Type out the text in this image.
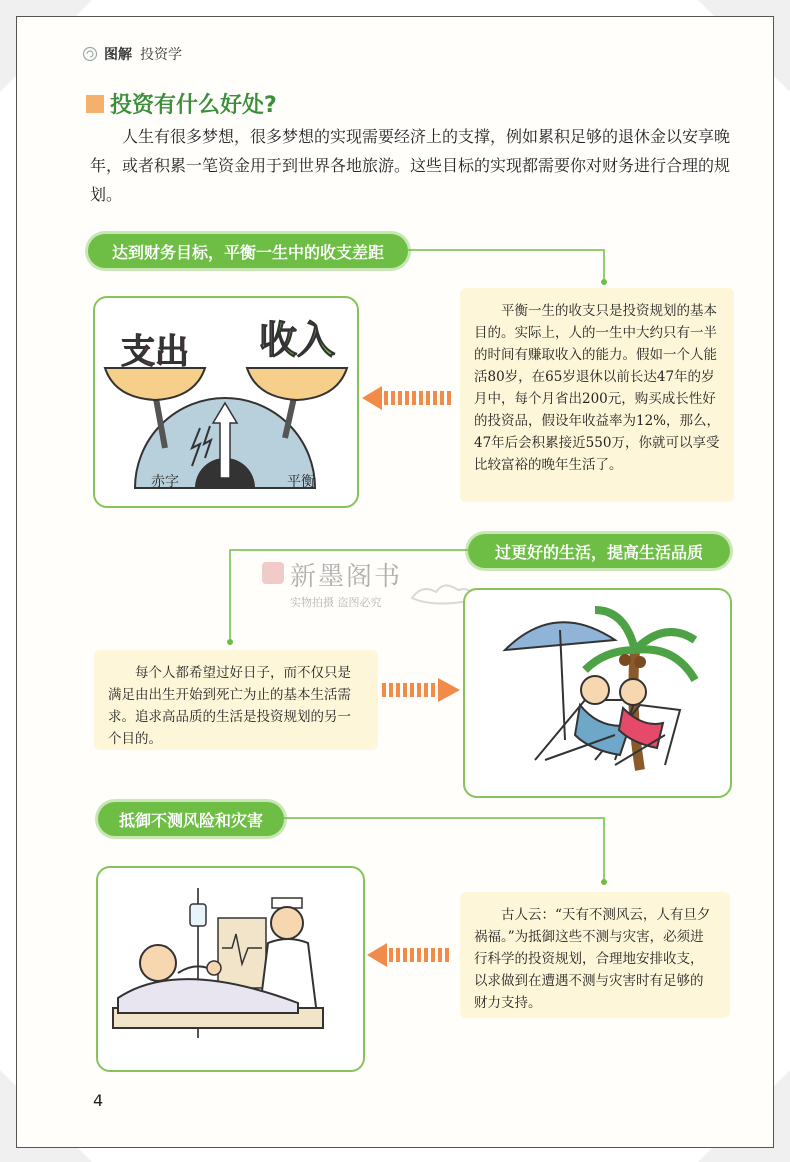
图解 投资学
投资有什么好处?
人生有很多梦想，很多梦想的实现需要经济上的支撑，例如累积足够的退休金以安享晚年，或者积累一笔资金用于到世界各地旅游。这些目标的实现都需要你对财务进行合理的规划。
达到财务目标，平衡一生中的收支差距
支出 收入
赤字	平衡
平衡一生的收支只是投资规划的基本目的。实际上，人的一生中大约只有一半的时间有赚取收入的能力。假如一个人能活80岁，在65岁退休以前长达47年的岁月中，每个月省出200元，购买成长性好的投资品，假设年收益率为12%，那么，47年后会积累接近550万，你就可以享受比较富裕的晚年生活了。
过更好的生活，提高生活品质
新墨阁书
实物拍摄 盗图必究
每个人都希望过好日子，而不仅只是满足由出生开始到死亡为止的基本生活需求。追求高品质的生活是投资规划的另一个目的。
抵御不测风险和灾害
古人云：“天有不测风云，人有旦夕祸福。”为抵御这些不测与灾害，必须进行科学的投资规划，合理地安排收支，以求做到在遭遇不测与灾害时有足够的财力支持。
4
